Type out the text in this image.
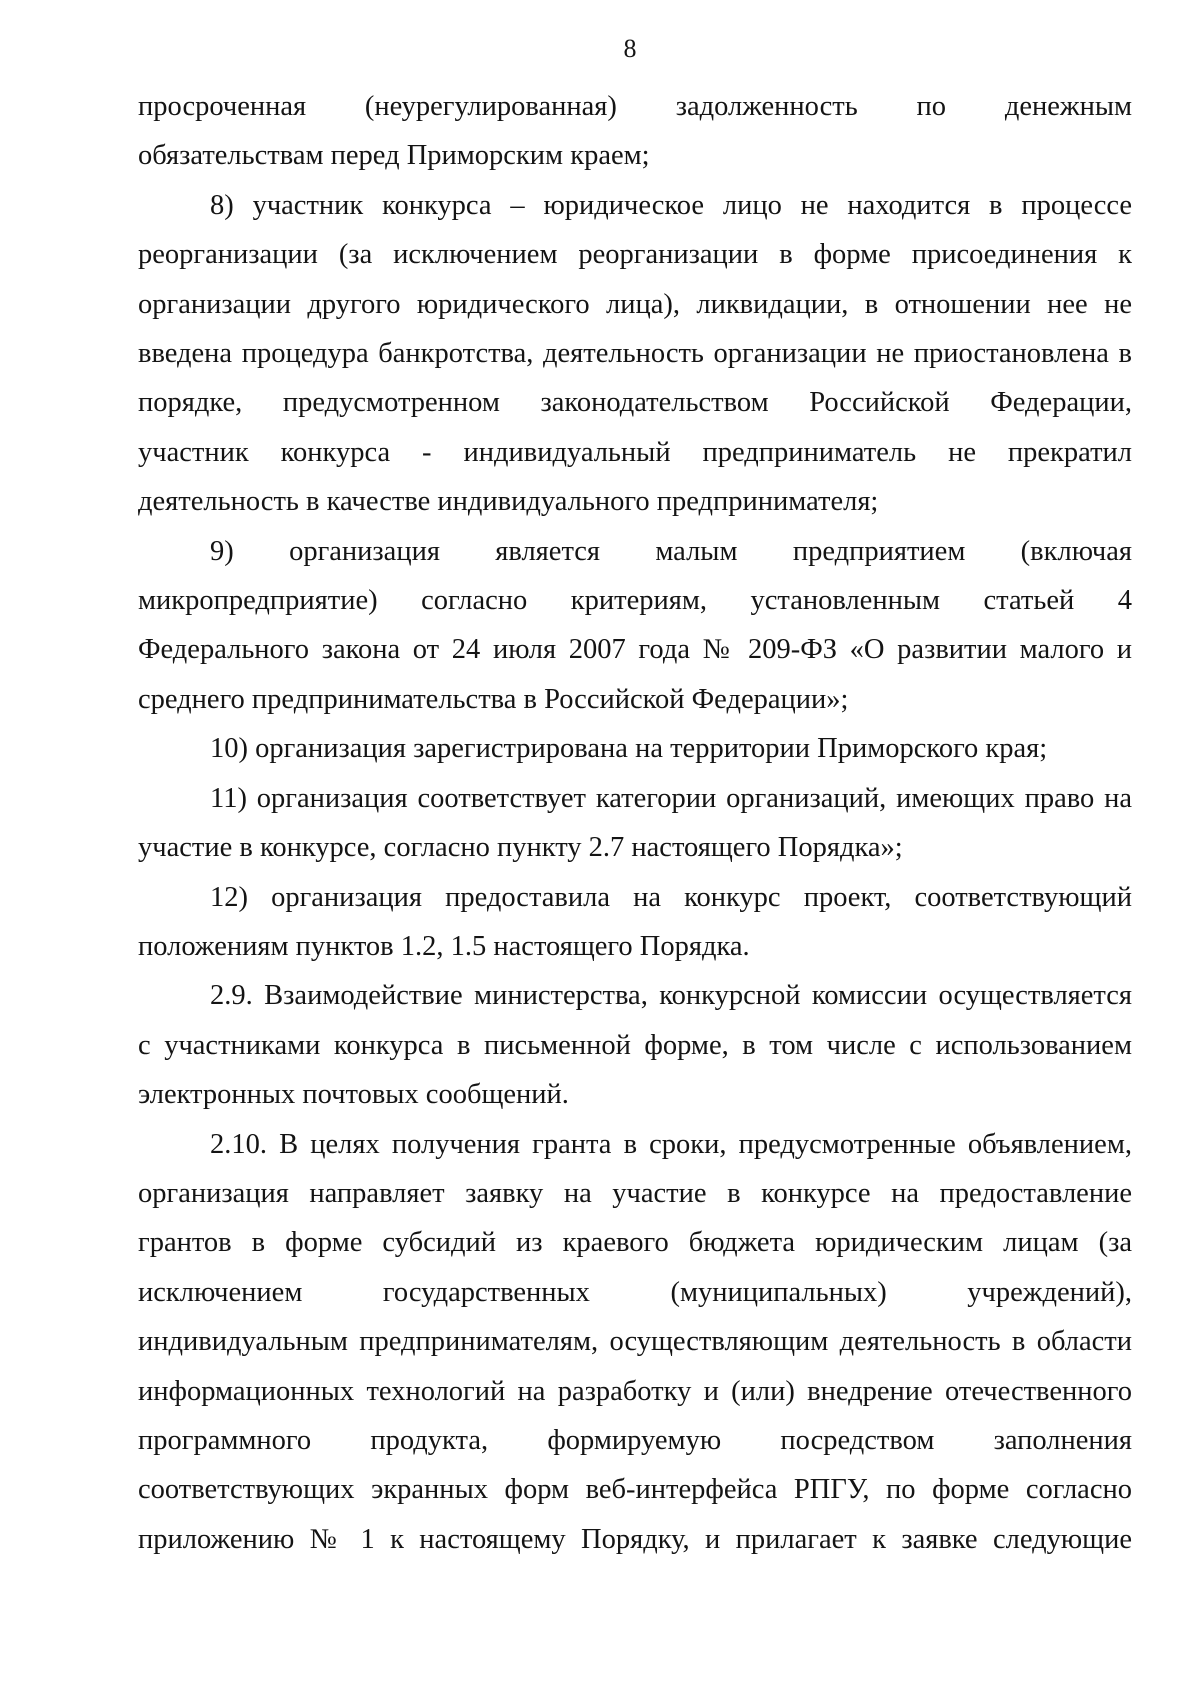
8
просроченная (неурегулированная) задолженность по денежным
обязательствам перед Приморским краем;
8) участник конкурса – юридическое лицо не находится в процессе
реорганизации (за исключением реорганизации в форме присоединения к
организации другого юридического лица), ликвидации, в отношении нее не
введена процедура банкротства, деятельность организации не приостановлена в
порядке, предусмотренном законодательством Российской Федерации,
участник конкурса - индивидуальный предприниматель не прекратил
деятельность в качестве индивидуального предпринимателя;
9) организация является малым предприятием (включая
микропредприятие) согласно критериям, установленным статьей 4
Федерального закона от 24 июля 2007 года № 209-ФЗ «О развитии малого и
среднего предпринимательства в Российской Федерации»;
10) организация зарегистрирована на территории Приморского края;
11) организация соответствует категории организаций, имеющих право на
участие в конкурсе, согласно пункту 2.7 настоящего Порядка»;
12) организация предоставила на конкурс проект, соответствующий
положениям пунктов 1.2, 1.5 настоящего Порядка.
2.9. Взаимодействие министерства, конкурсной комиссии осуществляется
с участниками конкурса в письменной форме, в том числе с использованием
электронных почтовых сообщений.
2.10. В целях получения гранта в сроки, предусмотренные объявлением,
организация направляет заявку на участие в конкурсе на предоставление
грантов в форме субсидий из краевого бюджета юридическим лицам (за
исключением государственных (муниципальных) учреждений),
индивидуальным предпринимателям, осуществляющим деятельность в области
информационных технологий на разработку и (или) внедрение отечественного
программного продукта, формируемую посредством заполнения
соответствующих экранных форм веб-интерфейса РПГУ, по форме согласно
приложению № 1 к настоящему Порядку, и прилагает к заявке следующие
